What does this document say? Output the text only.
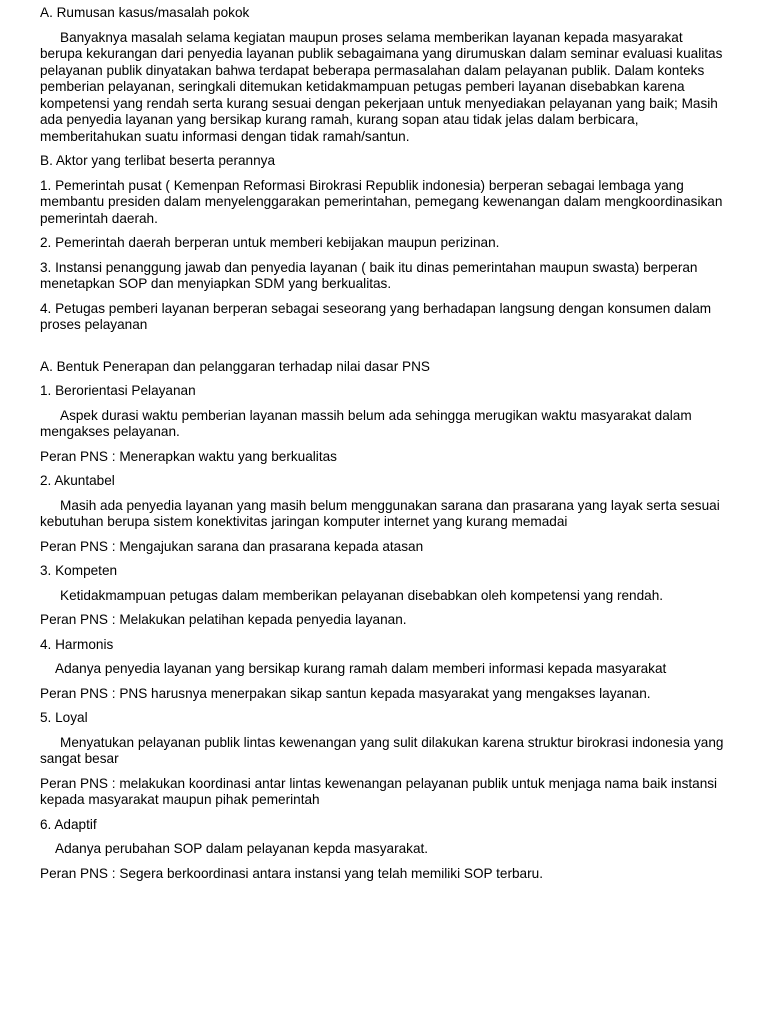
A. Rumusan kasus/masalah pokok
Banyaknya masalah selama kegiatan maupun proses selama memberikan layanan kepada masyarakat berupa kekurangan dari penyedia layanan publik sebagaimana yang dirumuskan dalam seminar evaluasi kualitas pelayanan publik dinyatakan bahwa terdapat beberapa permasalahan dalam pelayanan publik. Dalam konteks pemberian pelayanan, seringkali ditemukan ketidakmampuan petugas pemberi layanan disebabkan karena kompetensi yang rendah serta kurang sesuai dengan pekerjaan untuk menyediakan pelayanan yang baik; Masih ada penyedia layanan yang bersikap kurang ramah, kurang sopan atau tidak jelas dalam berbicara, memberitahukan suatu informasi dengan tidak ramah/santun.
B. Aktor yang terlibat beserta perannya
1. Pemerintah pusat ( Kemenpan Reformasi Birokrasi Republik indonesia) berperan sebagai lembaga yang membantu presiden dalam menyelenggarakan pemerintahan, pemegang kewenangan dalam mengkoordinasikan pemerintah daerah.
2. Pemerintah daerah berperan untuk memberi kebijakan maupun perizinan.
3. Instansi penanggung jawab dan penyedia layanan ( baik itu dinas pemerintahan maupun swasta) berperan menetapkan SOP dan menyiapkan SDM yang berkualitas.
4. Petugas pemberi layanan berperan sebagai seseorang yang berhadapan langsung dengan konsumen dalam proses pelayanan
A. Bentuk Penerapan dan pelanggaran terhadap nilai dasar PNS
1. Berorientasi Pelayanan
Aspek durasi waktu pemberian layanan massih belum ada sehingga merugikan waktu masyarakat dalam mengakses pelayanan.
Peran PNS : Menerapkan waktu yang berkualitas
2. Akuntabel
Masih ada penyedia layanan yang masih belum menggunakan sarana dan prasarana yang layak serta sesuai kebutuhan berupa sistem konektivitas jaringan komputer internet yang kurang memadai
Peran PNS : Mengajukan sarana dan prasarana kepada atasan
3. Kompeten
Ketidakmampuan petugas dalam memberikan pelayanan disebabkan oleh kompetensi yang rendah.
Peran PNS : Melakukan pelatihan kepada penyedia layanan.
4. Harmonis
Adanya penyedia layanan yang bersikap kurang ramah dalam memberi informasi kepada masyarakat
Peran PNS : PNS harusnya menerpakan sikap santun kepada masyarakat yang mengakses layanan.
5. Loyal
Menyatukan pelayanan publik lintas kewenangan yang sulit dilakukan karena struktur birokrasi indonesia yang sangat besar
Peran PNS : melakukan koordinasi antar lintas kewenangan pelayanan publik untuk menjaga nama baik instansi kepada masyarakat maupun pihak pemerintah
6. Adaptif
Adanya perubahan SOP dalam pelayanan kepda masyarakat.
Peran PNS : Segera berkoordinasi antara instansi yang telah memiliki SOP terbaru.
